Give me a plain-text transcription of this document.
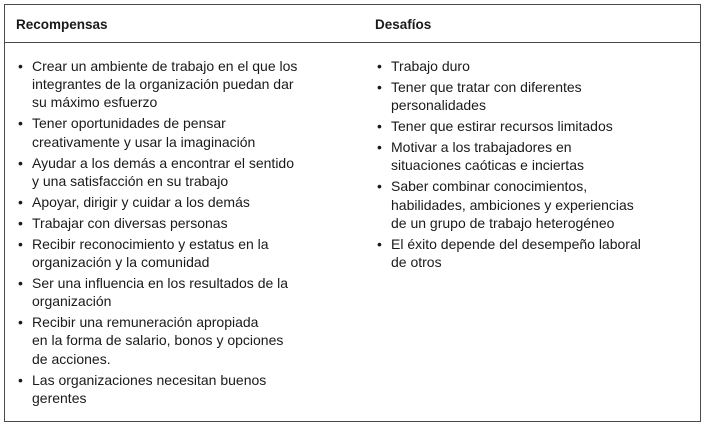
Recompensas	Desafíos
• Crear un ambiente de trabajo en el que los
integrantes de la organización puedan dar
su máximo esfuerzo
• Tener oportunidades de pensar
creativamente y usar la imaginación
• Ayudar a los demás a encontrar el sentido
y una satisfacción en su trabajo
• Apoyar, dirigir y cuidar a los demás
• Trabajar con diversas personas
• Recibir reconocimiento y estatus en la
organización y la comunidad
• Ser una influencia en los resultados de la
organización
• Recibir una remuneración apropiada
en la forma de salario, bonos y opciones
de acciones.
• Las organizaciones necesitan buenos
gerentes
• Trabajo duro
• Tener que tratar con diferentes
personalidades
• Tener que estirar recursos limitados
• Motivar a los trabajadores en
situaciones caóticas e inciertas
• Saber combinar conocimientos,
habilidades, ambiciones y experiencias
de un grupo de trabajo heterogéneo
• El éxito depende del desempeño laboral
de otros
